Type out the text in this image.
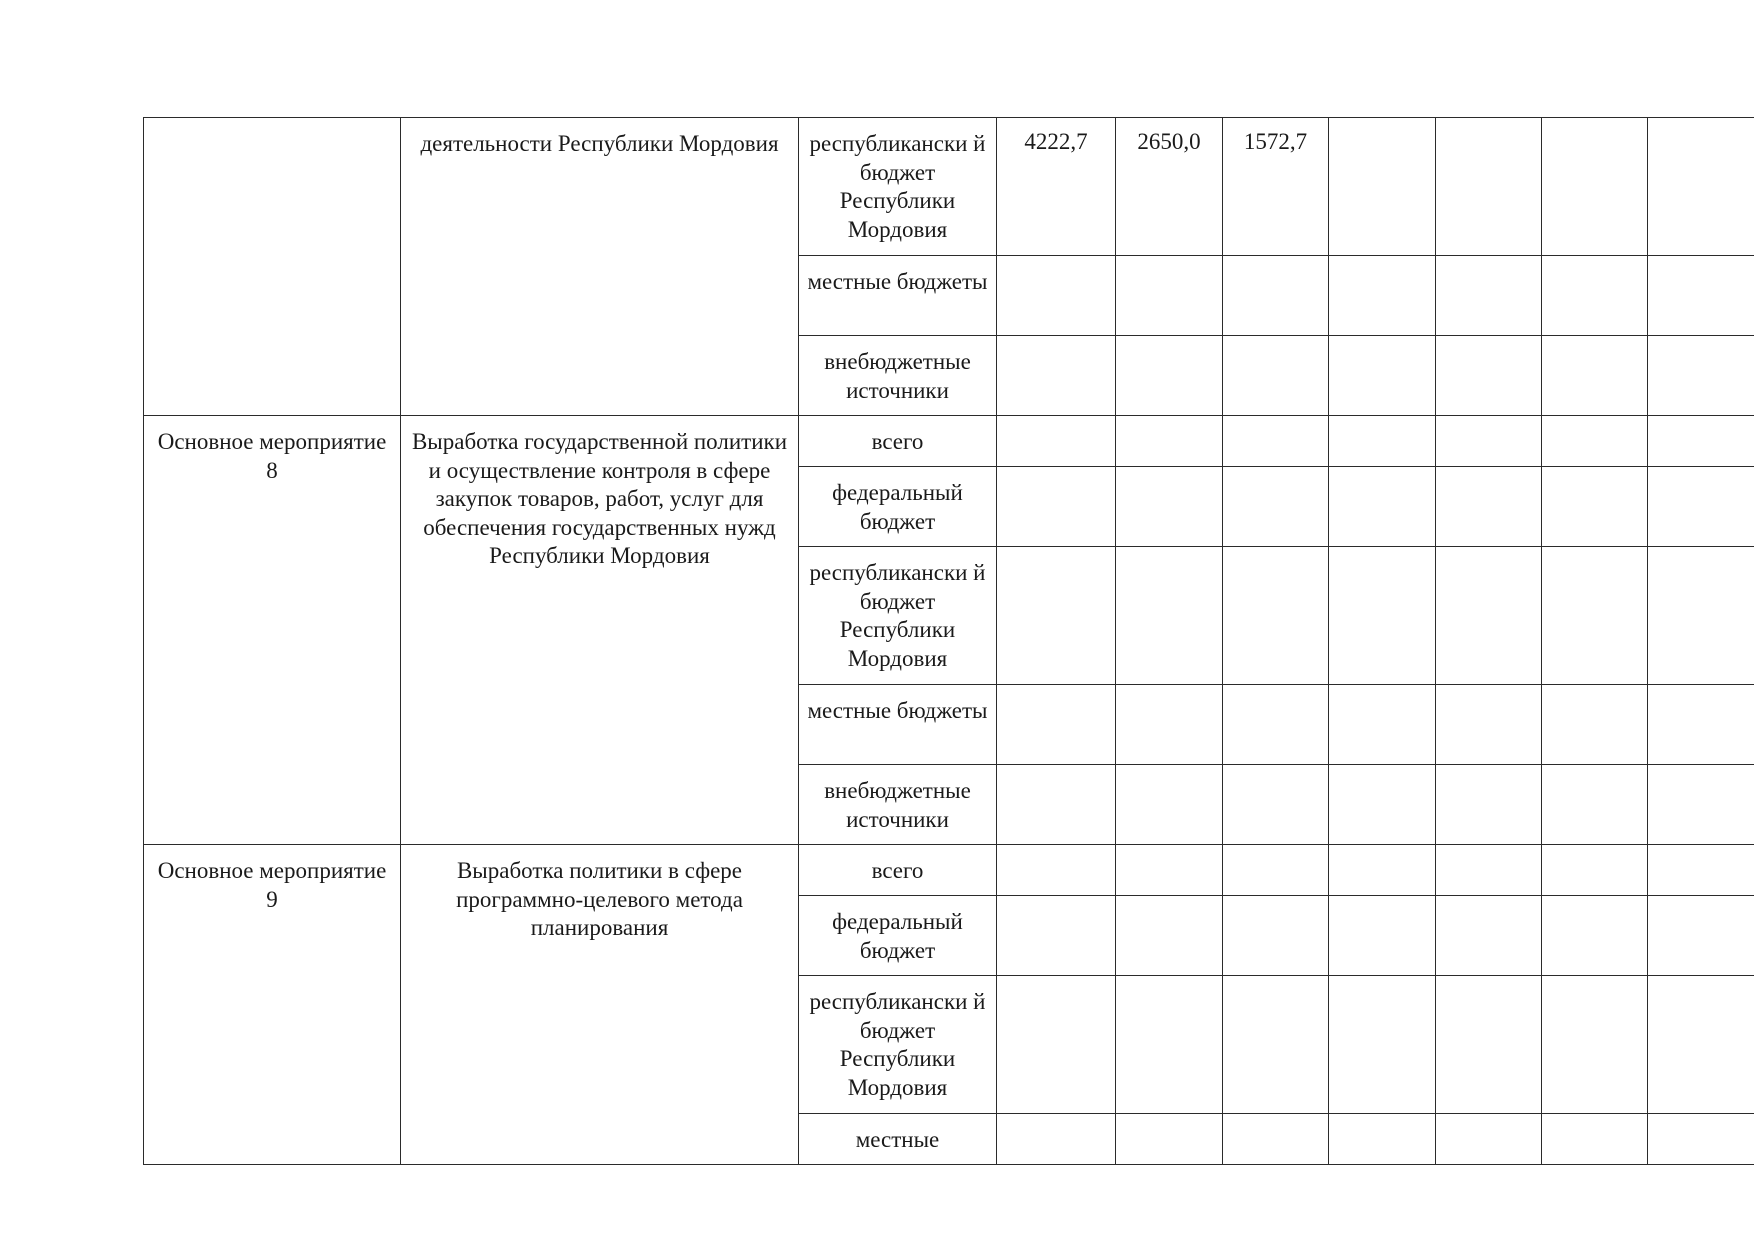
	деятельности Республики Мордовия	республикански й бюджет Республики Мордовия	4222,7	2650,0	1572,7				
		местные бюджеты							
		внебюджетные источники							
Основное мероприятие 8	Выработка государственной политики и осуществление контроля в сфере закупок товаров, работ, услуг для обеспечения государственных нужд Республики Мордовия	всего							
		федеральный бюджет							
		республикански й бюджет Республики Мордовия							
		местные бюджеты							
		внебюджетные источники							
Основное мероприятие 9	Выработка политики в сфере программно-целевого метода планирования	всего							
		федеральный бюджет							
		республикански й бюджет Республики Мордовия							
		местные							
